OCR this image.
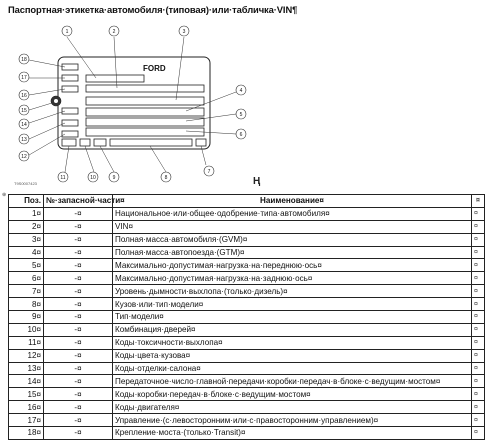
Паспортная·этикетка·автомобиля·(типовая)·или·табличка·VIN¶
FORD
1	2	3
4
5
6
7
8
9
10
11
12
13
14
15
16
17
18
T9S0007423	Ң
⊕
Поз.	№·запасной·части¤	Наименование¤	¤
1¤	-¤	Национальное·или·общее·одобрение·типа·автомобиля¤	¤
2¤	-¤	VIN¤	¤
3¤	-¤	Полная·масса·автомобиля·(GVM)¤	¤
4¤	-¤	Полная·масса·автопоезда·(GTM)¤	¤
5¤	-¤	Максимально·допустимая·нагрузка·на·переднюю·ось¤	¤
6¤	-¤	Максимально·допустимая·нагрузка·на·заднюю·ось¤	¤
7¤	-¤	Уровень·дымности·выхлопа·(только·дизель)¤	¤
8¤	-¤	Кузов·или·тип·модели¤	¤
9¤	-¤	Тип·модели¤	¤
10¤	-¤	Комбинация·дверей¤	¤
11¤	-¤	Коды·токсичности·выхлопа¤	¤
12¤	-¤	Коды·цвета·кузова¤	¤
13¤	-¤	Коды·отделки·салона¤	¤
14¤	-¤	Передаточное·число·главной·передачи·коробки·передач·в·блоке·с·ведущим·мостом¤	¤
15¤	-¤	Коды·коробки·передач·в·блоке·с·ведущим·мостом¤	¤
16¤	-¤	Коды·двигателя¤	¤
17¤	-¤	Управление·(с·левосторонним·или·с·правосторонним·управлением)¤	¤
18¤	-¤	Крепление·моста·(только·Transit)¤	¤
